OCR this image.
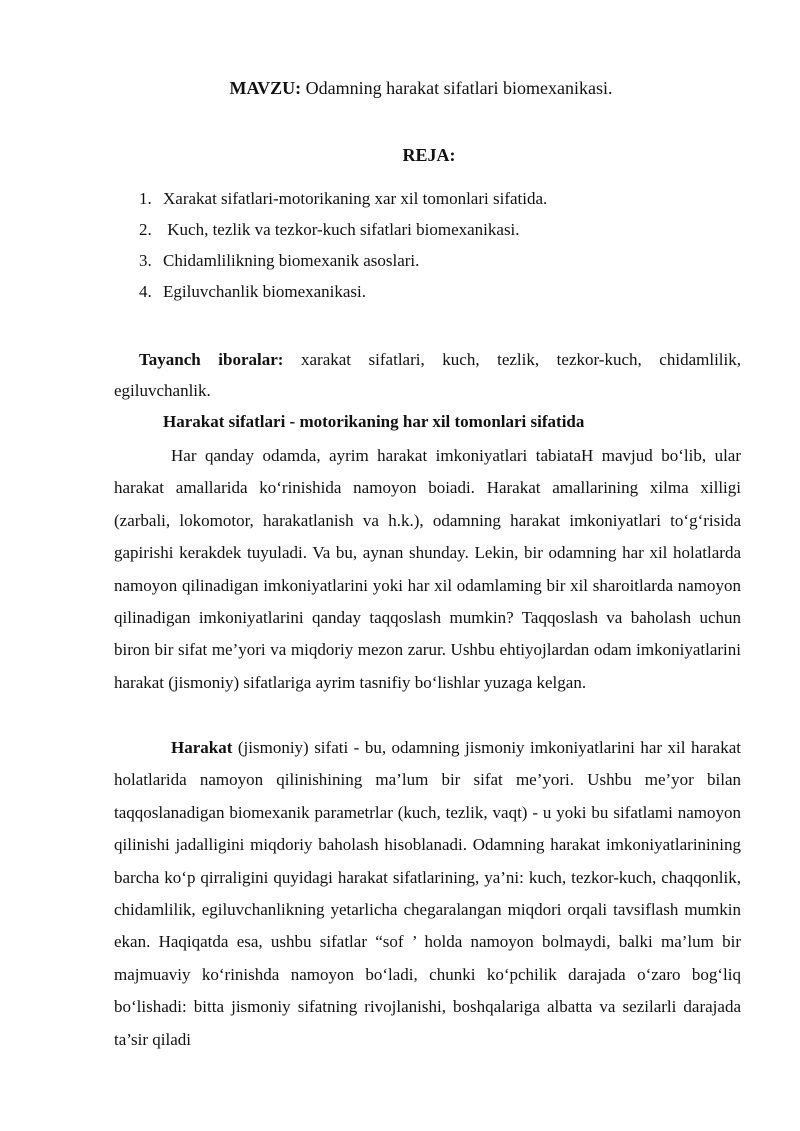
MAVZU: Odamning harakat sifatlari biomexanikasi.
REJA:
1. Xarakat sifatlari-motorikaning xar xil tomonlari sifatida.
2. Kuch, tezlik va tezkor-kuch sifatlari biomexanikasi.
3. Chidamlilikning biomexanik asoslari.
4. Egiluvchanlik biomexanikasi.

Tayanch iboralar: xarakat sifatlari, kuch, tezlik, tezkor-kuch, chidamlilik, egiluvchanlik.

Harakat sifatlari - motorikaning har xil tomonlari sifatida

Har qanday odamda, ayrim harakat imkoniyatlari tabiataH mavjud bo‘lib, ular harakat amallarida ko‘rinishida namoyon boiadi. Harakat amallarining xilma xilligi (zarbali, lokomotor, harakatlanish va h.k.), odamning harakat imkoniyatlari to‘g‘risida gapirishi kerakdek tuyuladi. Va bu, aynan shunday. Lekin, bir odamning har xil holatlarda namoyon qilinadigan imkoniyatlarini yoki har xil odamlaming bir xil sharoitlarda namoyon qilinadigan imkoniyatlarini qanday taqqoslash mumkin? Taqqoslash va baholash uchun biron bir sifat me’yori va miqdoriy mezon zarur. Ushbu ehtiyojlardan odam imkoniyatlarini harakat (jismoniy) sifatlariga ayrim tasnifiy bo‘lishlar yuzaga kelgan.

Harakat (jismoniy) sifati - bu, odamning jismoniy imkoniyatlarini har xil harakat holatlarida namoyon qilinishining ma’lum bir sifat me’yori. Ushbu me’yor bilan taqqoslanadigan biomexanik parametrlar (kuch, tezlik, vaqt) - u yoki bu sifatlami namoyon qilinishi jadalligini miqdoriy baholash hisoblanadi. Odamning harakat imkoniyatlarinining barcha ko‘p qirraligini quyidagi harakat sifatlarining, ya’ni: kuch, tezkor-kuch, chaqqonlik, chidamlilik, egiluvchanlikning yetarlicha chegaralangan miqdori orqali tavsiflash mumkin ekan. Haqiqatda esa, ushbu sifatlar “sof ’ holda namoyon bolmaydi, balki ma’lum bir majmuaviy ko‘rinishda namoyon bo‘ladi, chunki ko‘pchilik darajada o‘zaro bog‘liq bo‘lishadi: bitta jismoniy sifatning rivojlanishi, boshqalariga albatta va sezilarli darajada ta’sir qiladi
